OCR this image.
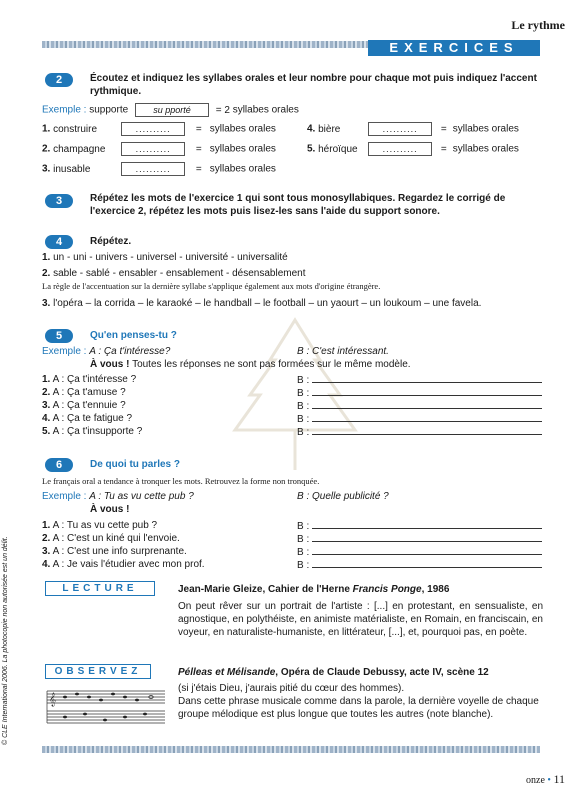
Le rythme
EXERCICES
2	Écoutez et indiquez les syllabes orales et leur nombre pour chaque mot puis indiquez l'accent rythmique.
Exemple : supporte	su pporté	= 2 syllabes orales
1. construire	..........	= syllabes orales
2. champagne	..........	= syllabes orales
3. inusable	..........	= syllabes orales
4. bière	.......... = syllabes orales
5. héroïque	.......... = syllabes orales
3	Répétez les mots de l'exercice 1 qui sont tous monosyllabiques. Regardez le corrigé de l'exercice 2, répétez les mots puis lisez-les sans l'aide du support sonore.
4	Répétez.
1. un - uni - univers - universel - université - universalité
2. sable - sablé - ensabler - ensablement - désensablement
La règle de l'accentuation sur la dernière syllabe s'applique également aux mots d'origine étrangère.
3. l'opéra – la corrida – le karaoké – le handball – le football – un yaourt – un loukoum – une favela.
5	Qu'en penses-tu ?
Exemple : A : Ça t'intéresse?	B : C'est intéressant.
À vous ! Toutes les réponses ne sont pas formées sur le même modèle.
1. A : Ça t'intéresse ?	B :
2. A : Ça t'amuse ?	B :
3. A : Ça t'ennuie ?	B :
4. A : Ça te fatigue ?	B :
5. A : Ça t'insupporte ?	B :
6	De quoi tu parles ?
Le français oral a tendance à tronquer les mots. Retrouvez la forme non tronquée.
Exemple : A : Tu as vu cette pub ?	B : Quelle publicité ?
À vous !
1. A : Tu as vu cette pub ?	B :
2. A : C'est un kiné qui l'envoie.	B :
3. A : C'est une info surprenante.	B :
4. A : Je vais l'étudier avec mon prof.	B :
LECTURE	Jean-Marie Gleize, Cahier de l'Herne Francis Ponge, 1986
On peut rêver sur un portrait de l'artiste : [...] en protestant, en sensualiste, en agnostique, en polythéiste, en animiste matérialiste, en Romain, en franciscain, en voyeur, en naturaliste-humaniste, en littérateur, [...], et, pourquoi pas, en poète.
OBSERVEZ	Pélleas et Mélisande, Opéra de Claude Debussy, acte IV, scène 12
(si j'étais Dieu, j'aurais pitié du cœur des hommes).
Dans cette phrase musicale comme dans la parole, la dernière voyelle de chaque groupe mélodique est plus longue que toutes les autres (note blanche).
𝄞
© CLE International 2006. La photocopie non autorisée est un délit.
onze • 11
